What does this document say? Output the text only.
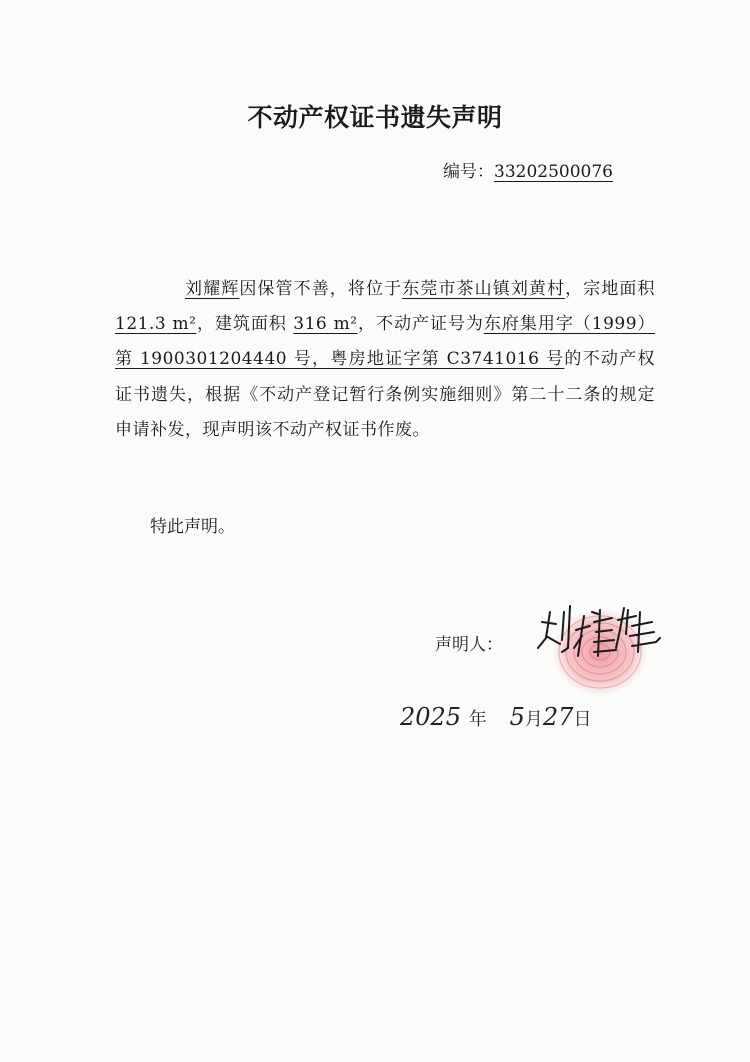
不动产权证书遗失声明
编号：33202500076
刘耀辉因保管不善，将位于东莞市茶山镇刘黄村，宗地面积 121.3 m²，建筑面积 316 m²，不动产证号为东府集用字（1999）第 1900301204440 号，粤房地证字第 C3741016 号的不动产权证书遗失，根据《不动产登记暂行条例实施细则》第二十二条的规定申请补发，现声明该不动产权证书作废。
特此声明。
声明人：
2025 年 5月27日
